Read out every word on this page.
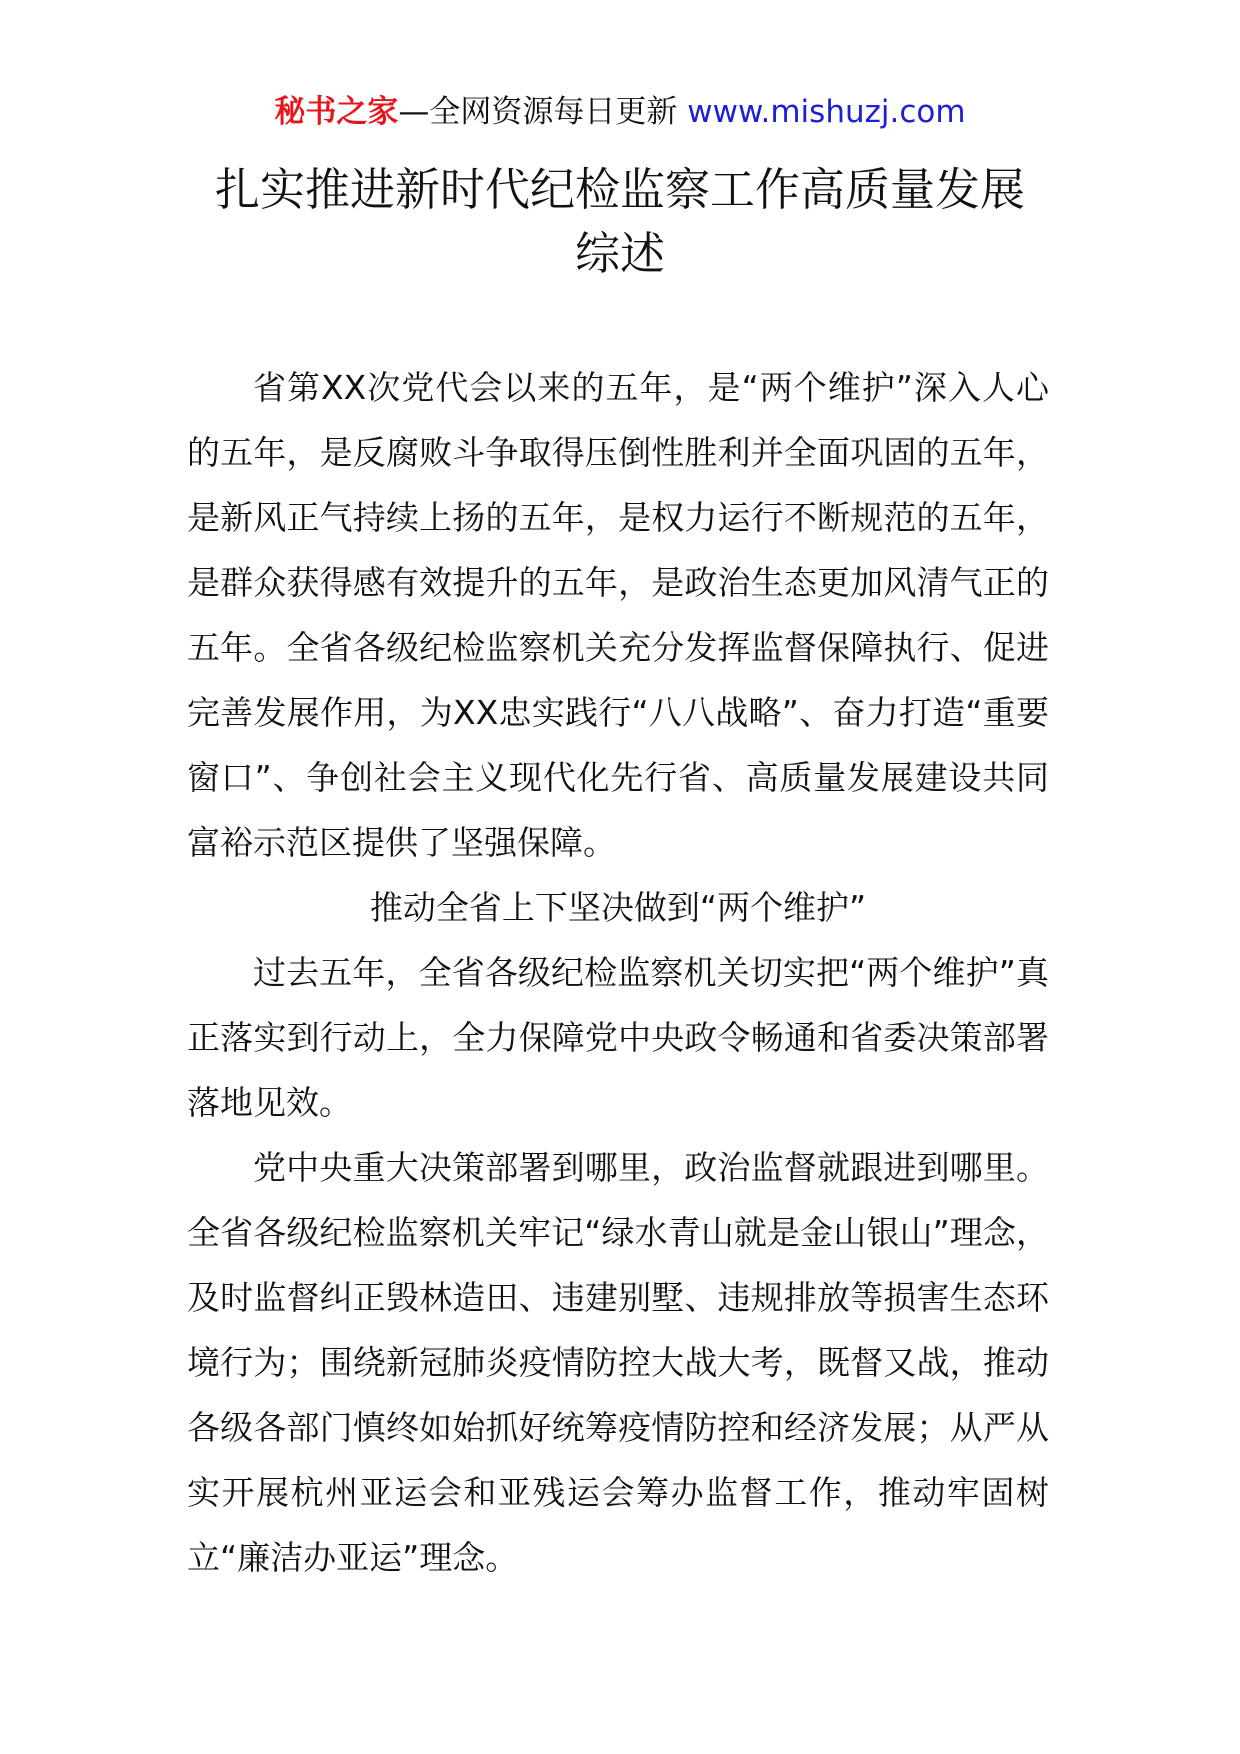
秘书之家—全网资源每日更新 www.mishuzj.com
扎实推进新时代纪检监察工作高质量发展
综述

省第XX次党代会以来的五年，是“两个维护”深入人心的五年，是反腐败斗争取得压倒性胜利并全面巩固的五年，是新风正气持续上扬的五年，是权力运行不断规范的五年，是群众获得感有效提升的五年，是政治生态更加风清气正的五年。全省各级纪检监察机关充分发挥监督保障执行、促进完善发展作用，为XX忠实践行“八八战略”、奋力打造“重要窗口”、争创社会主义现代化先行省、高质量发展建设共同富裕示范区提供了坚强保障。

推动全省上下坚决做到“两个维护”

过去五年，全省各级纪检监察机关切实把“两个维护”真正落实到行动上，全力保障党中央政令畅通和省委决策部署落地见效。

党中央重大决策部署到哪里，政治监督就跟进到哪里。全省各级纪检监察机关牢记“绿水青山就是金山银山”理念，及时监督纠正毁林造田、违建别墅、违规排放等损害生态环境行为；围绕新冠肺炎疫情防控大战大考，既督又战，推动各级各部门慎终如始抓好统筹疫情防控和经济发展；从严从实开展杭州亚运会和亚残运会筹办监督工作，推动牢固树立“廉洁办亚运”理念。
